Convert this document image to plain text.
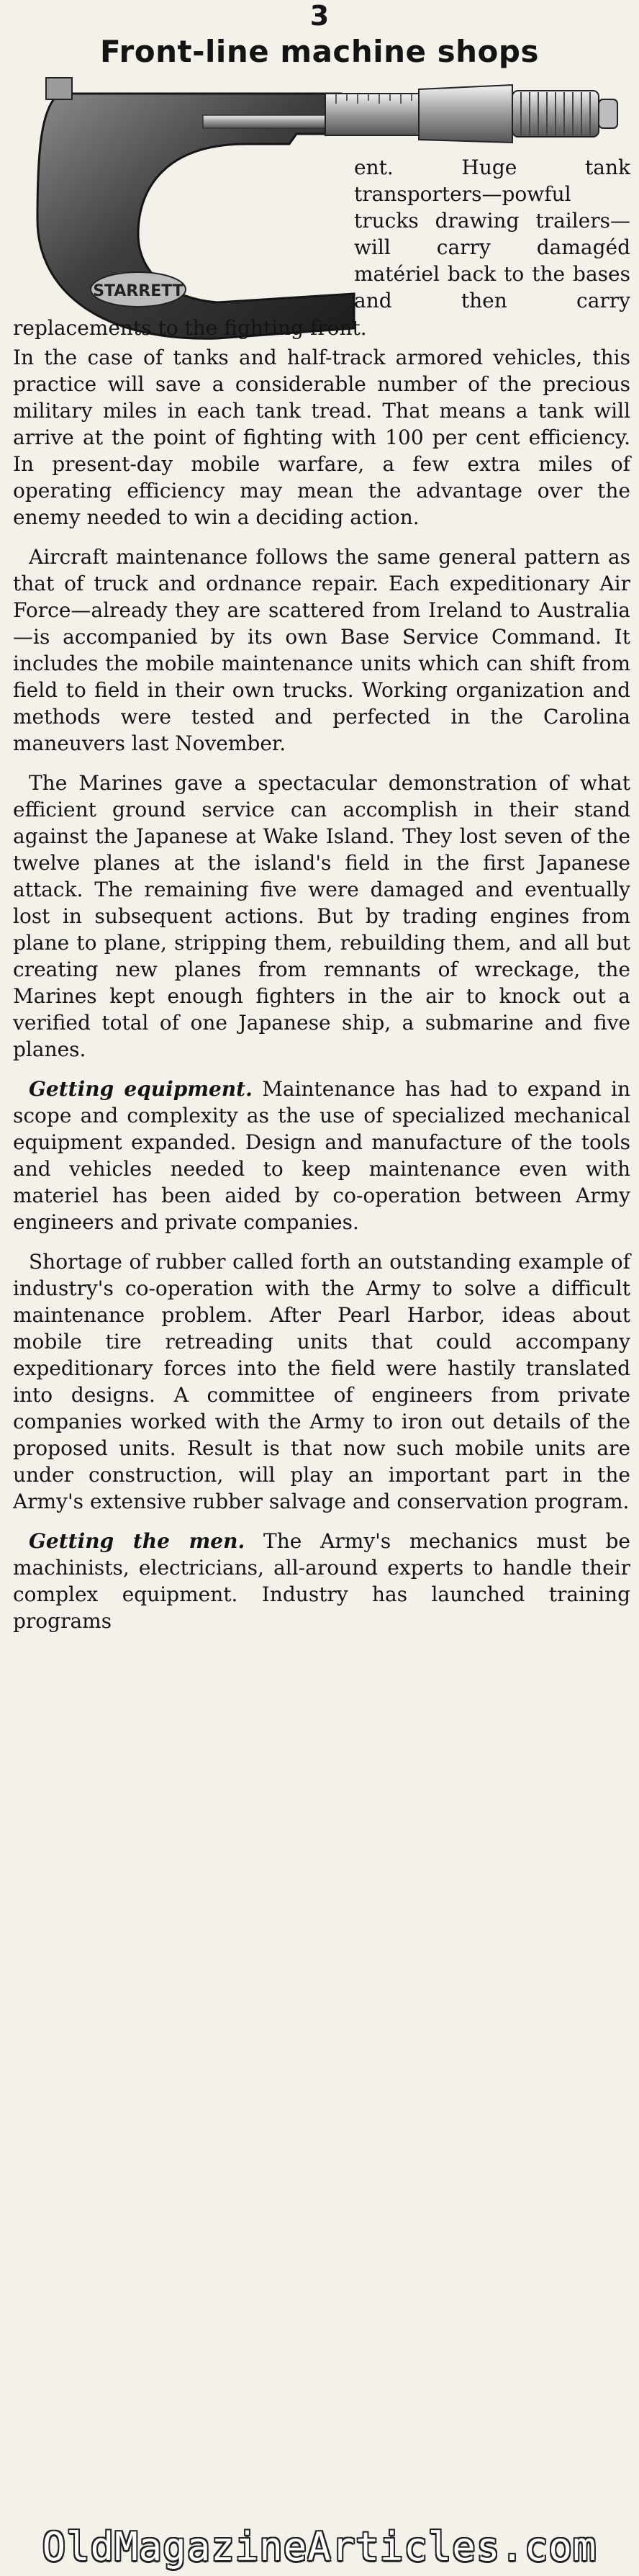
3
Front-line machine shops
STARRETT
ent. Huge tank transporters—powful trucks drawing trailers—will carry damagéd matériel back to the bases and then carry
replacements to the fighting front.

In the case of tanks and half-track armored vehicles, this practice will save a considerable number of the precious military miles in each tank tread. That means a tank will arrive at the point of fighting with 100 per cent efficiency. In present-day mobile warfare, a few extra miles of operating efficiency may mean the advantage over the enemy needed to win a deciding action.

Aircraft maintenance follows the same general pattern as that of truck and ordnance repair. Each expeditionary Air Force—already they are scattered from Ireland to Australia—is accompanied by its own Base Service Command. It includes the mobile maintenance units which can shift from field to field in their own trucks. Working organization and methods were tested and perfected in the Carolina maneuvers last November.

The Marines gave a spectacular demonstration of what efficient ground service can accomplish in their stand against the Japanese at Wake Island. They lost seven of the twelve planes at the island's field in the first Japanese attack. The remaining five were damaged and eventually lost in subsequent actions. But by trading engines from plane to plane, stripping them, rebuilding them, and all but creating new planes from remnants of wreckage, the Marines kept enough fighters in the air to knock out a verified total of one Japanese ship, a submarine and five planes.

Getting equipment. Maintenance has had to expand in scope and complexity as the use of specialized mechanical equipment expanded. Design and manufacture of the tools and vehicles needed to keep maintenance even with materiel has been aided by co-operation between Army engineers and private companies.

Shortage of rubber called forth an outstanding example of industry's co-operation with the Army to solve a difficult maintenance problem. After Pearl Harbor, ideas about mobile tire retreading units that could accompany expeditionary forces into the field were hastily translated into designs. A committee of engineers from private companies worked with the Army to iron out details of the proposed units. Result is that now such mobile units are under construction, will play an important part in the Army's extensive rubber salvage and conservation program.

Getting the men. The Army's mechanics must be machinists, electricians, all-around experts to handle their complex equipment. Industry has launched training programs

OldMagazineArticles.com
